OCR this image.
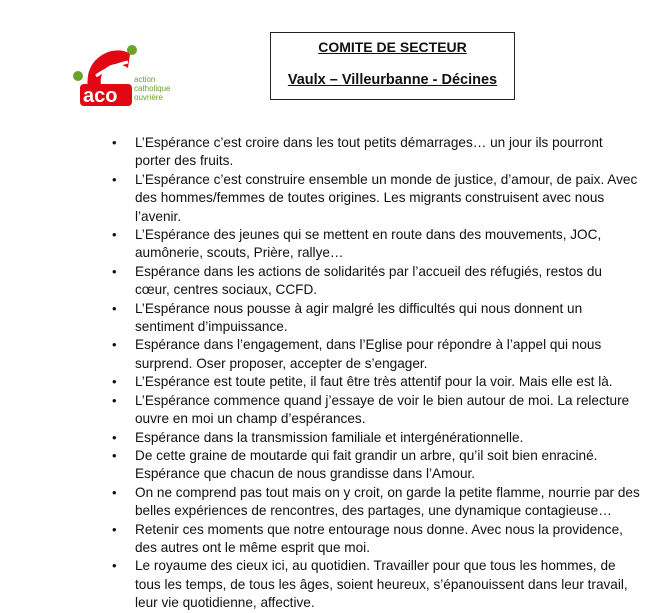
aco
action
catholique
ouvrière
COMITE DE SECTEUR
Vaulx – Villeurbanne - Décines
• L’Espérance c’est croire dans les tout petits démarrages… un jour ils pourront porter des fruits.
• L’Espérance c’est construire ensemble un monde de justice, d’amour, de paix. Avec des hommes/femmes de toutes origines. Les migrants construisent avec nous l’avenir.
• L’Espérance des jeunes qui se mettent en route dans des mouvements, JOC, aumônerie, scouts, Prière, rallye…
• Espérance dans les actions de solidarités par l’accueil des réfugiés, restos du cœur, centres sociaux, CCFD.
• L’Espérance nous pousse à agir malgré les difficultés qui nous donnent un sentiment d’impuissance.
• Espérance dans l’engagement, dans l’Eglise pour répondre à l’appel qui nous surprend. Oser proposer, accepter de s’engager.
• L’Espérance est toute petite, il faut être très attentif pour la voir. Mais elle est là.
• L’Espérance commence quand j’essaye de voir le bien autour de moi. La relecture ouvre en moi un champ d’espérances.
• Espérance dans la transmission familiale et intergénérationnelle.
• De cette graine de moutarde qui fait grandir un arbre, qu’il soit bien enraciné. Espérance que chacun de nous grandisse dans l’Amour.
• On ne comprend pas tout mais on y croit, on garde la petite flamme, nourrie par des belles expériences de rencontres, des partages, une dynamique contagieuse…
• Retenir ces moments que notre entourage nous donne. Avec nous la providence, des autres ont le même esprit que moi.
• Le royaume des cieux ici, au quotidien. Travailler pour que tous les hommes, de tous les temps, de tous les âges, soient heureux, s’épanouissent dans leur travail, leur vie quotidienne, affective.
